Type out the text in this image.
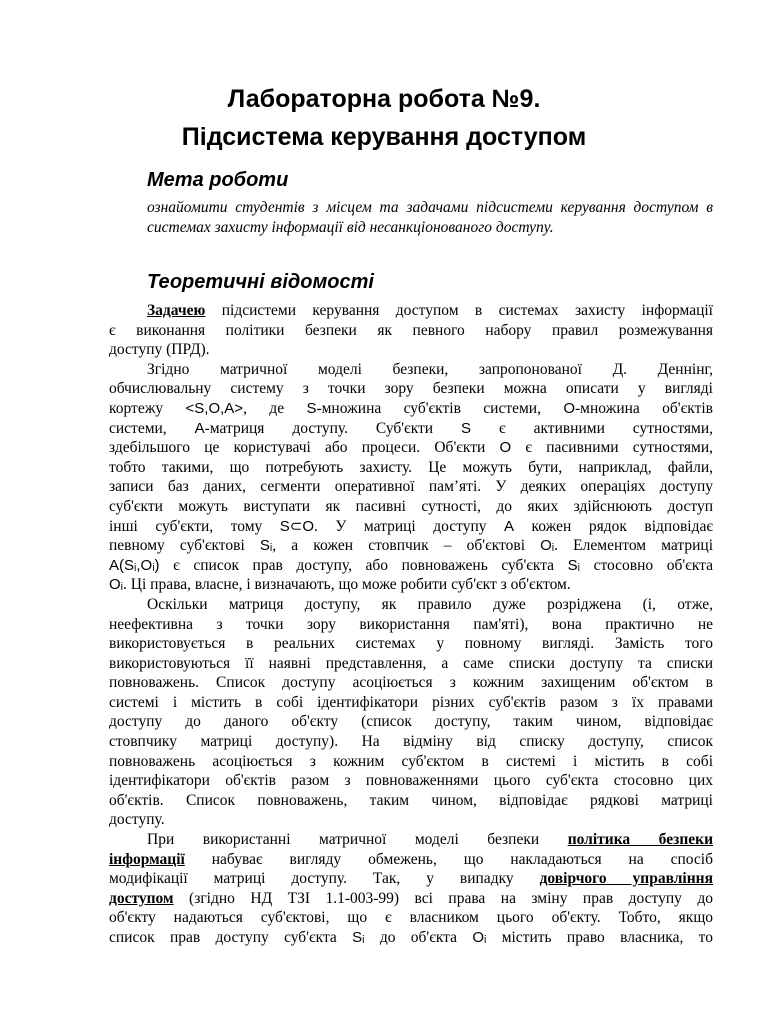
Лабораторна робота №9.
Підсистема керування доступом
Мета роботи

ознайомити студентів з місцем та задачами підсистеми керування доступом в системах захисту інформації від несанкціонованого доступу.

Теоретичні відомості
Задачею підсистеми керування доступом в системах захисту інформації
є виконання політики безпеки як певного набору правил розмежування
доступу (ПРД).
Згідно матричної моделі безпеки, запропонованої Д. Деннінг,
обчислювальну систему з точки зору безпеки можна описати у вигляді
кортежу <S,O,A>, де S-множина суб'єктів системи, O-множина об'єктів
системи, A-матриця доступу. Суб'єкти S є активними сутностями,
здебільшого це користувачі або процеси. Об'єкти O є пасивними сутностями,
тобто такими, що потребують захисту. Це можуть бути, наприклад, файли,
записи баз даних, сегменти оперативної пам’яті. У деяких операціях доступу
суб'єкти можуть виступати як пасивні сутності, до яких здійснюють доступ
інші суб'єкти, тому S⊂O. У матриці доступу A кожен рядок відповідає
певному суб'єктові Sᵢ, а кожен стовпчик – об'єктові Oᵢ. Елементом матриці
A(Sᵢ,Oᵢ) є список прав доступу, або повноважень суб'єкта Sᵢ стосовно об'єкта
Oᵢ. Ці права, власне, і визначають, що може робити суб'єкт з об'єктом.
Оскільки матриця доступу, як правило дуже розріджена (і, отже,
неефективна з точки зору використання пам'яті), вона практично не
використовується в реальних системах у повному вигляді. Замість того
використовуються її наявні представлення, а саме списки доступу та списки
повноважень. Список доступу асоціюється з кожним захищеним об'єктом в
системі і містить в собі ідентифікатори різних суб'єктів разом з їх правами
доступу до даного об'єкту (список доступу, таким чином, відповідає
стовпчику матриці доступу). На відміну від списку доступу, список
повноважень асоціюється з кожним суб'єктом в системі і містить в собі
ідентифікатори об'єктів разом з повноваженнями цього суб'єкта стосовно цих
об'єктів. Список повноважень, таким чином, відповідає рядкові матриці
доступу.
При використанні матричної моделі безпеки політика безпеки
інформації набуває вигляду обмежень, що накладаються на спосіб
модифікації матриці доступу. Так, у випадку довірчого управління
доступом (згідно НД ТЗІ 1.1-003-99) всі права на зміну прав доступу до
об'єкту надаються суб'єктові, що є власником цього об'єкту. Тобто, якщо
список прав доступу суб'єкта Sᵢ до об'єкта Oᵢ містить право власника, то
